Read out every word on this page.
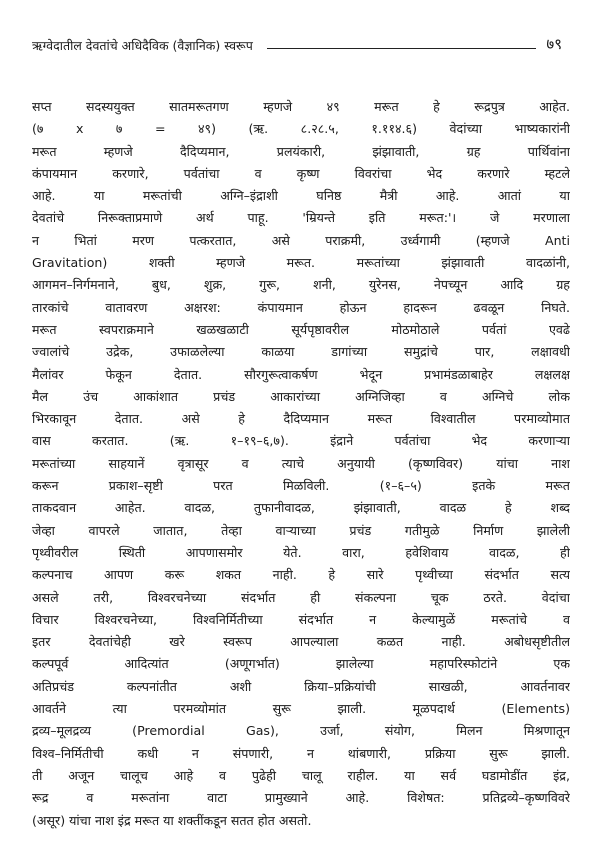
ऋग्वेदातील देवतांचे अधिदैविक (वैज्ञानिक) स्वरूप	७९
सप्त सदस्ययुक्त सातमरूतगण म्हणजे ४९ मरूत हे रूद्रपुत्र आहेत.
(७ x ७ = ४९) (ऋ. ८.२८.५, १.११४.६) वेदांच्या भाष्यकारांनी
मरूत म्हणजे दैदिप्यमान, प्रलयंकारी, झंझावाती, ग्रह पार्थिवांना
कंपायमान करणारे, पर्वतांचा व कृष्ण विवरांचा भेद करणारे म्हटले
आहे. या मरूतांची अग्नि–इंद्राशी घनिष्ठ मैत्री आहे. आतां या
देवतांचे निरूक्ताप्रमाणे अर्थ पाहू. 'म्रियन्ते इति मरूत:'। जे मरणाला
न भितां मरण पत्करतात, असे पराक्रमी, उर्ध्वगामी (म्हणजे Anti
Gravitation) शक्ती म्हणजे मरूत. मरूतांच्या झंझावाती वादळांनी,
आगमन–निर्गमनाने, बुध, शुक्र, गुरू, शनी, युरेनस, नेपच्यून आदि ग्रह
तारकांचे वातावरण अक्षरश: कंपायमान होऊन हादरून ढवळून निघते.
मरूत स्वपराक्रमाने खळखळाटी सूर्यपृष्ठावरील मोठमोठाले पर्वतां एवढे
ज्वालांचे उद्रेक, उफाळलेल्या काळया डागांच्या समुद्रांचे पार, लक्षावधी
मैलांवर फेकून देतात. सौरगुरूत्वाकर्षण भेदून प्रभामंडळाबाहेर लक्षलक्ष
मैल उंच आकांशात प्रचंड आकारांच्या अग्निजिव्हा व अग्निचे लोक
भिरकावून देतात. असे हे दैदिप्यमान मरूत विश्वातील परमाव्योमात
वास करतात. (ऋ. १–१९–६,७). इंद्राने पर्वतांचा भेद करणाऱ्या
मरूतांच्या साहयानें वृत्रासूर व त्याचे अनुयायी (कृष्णविवर) यांचा नाश
करून प्रकाश–सृष्टी परत मिळविली. (१–६–५) इतके मरूत
ताकदवान आहेत. वादळ, तुफानीवादळ, झंझावाती, वादळ हे शब्द
जेव्हा वापरले जातात, तेव्हा वाऱ्याच्या प्रचंड गतीमुळे निर्माण झालेली
पृथ्वीवरील स्थिती आपणासमोर येते. वारा, हवेशिवाय वादळ, ही
कल्पनाच आपण करू शकत नाही. हे सारे पृथ्वीच्या संदर्भात सत्य
असले तरी, विश्वरचनेच्या संदर्भात ही संकल्पना चूक ठरते. वेदांचा
विचार विश्वरचनेच्या, विश्वनिर्मितीच्या संदर्भात न केल्यामुळें मरूतांचे व
इतर देवतांचेही खरे स्वरूप आपल्याला कळत नाही. अबोधसृष्टीतील
कल्पपूर्व आदित्यांत (अणूगर्भात) झालेल्या महापरिस्फोटांने एक
अतिप्रचंड कल्पनांतीत अशी क्रिया–प्रक्रियांची साखळी, आवर्तनावर
आवर्तने त्या परमव्योमांत सुरू झाली. मूळपदार्थ (Elements)
द्रव्य–मूलद्रव्य (Premordial Gas), उर्जा, संयोग, मिलन मिश्रणातून
विश्व–निर्मितीची कधी न संपणारी, न थांबणारी, प्रक्रिया सुरू झाली.
ती अजून चालूच आहे व पुढेही चालू राहील. या सर्व घडामोडींत इंद्र,
रूद्र व मरूतांना वाटा प्रामुख्याने आहे. विशेषत: प्रतिद्रव्ये–कृष्णविवरे
(असूर) यांचा नाश इंद्र मरूत या शक्तींकडून सतत होत असतो.
